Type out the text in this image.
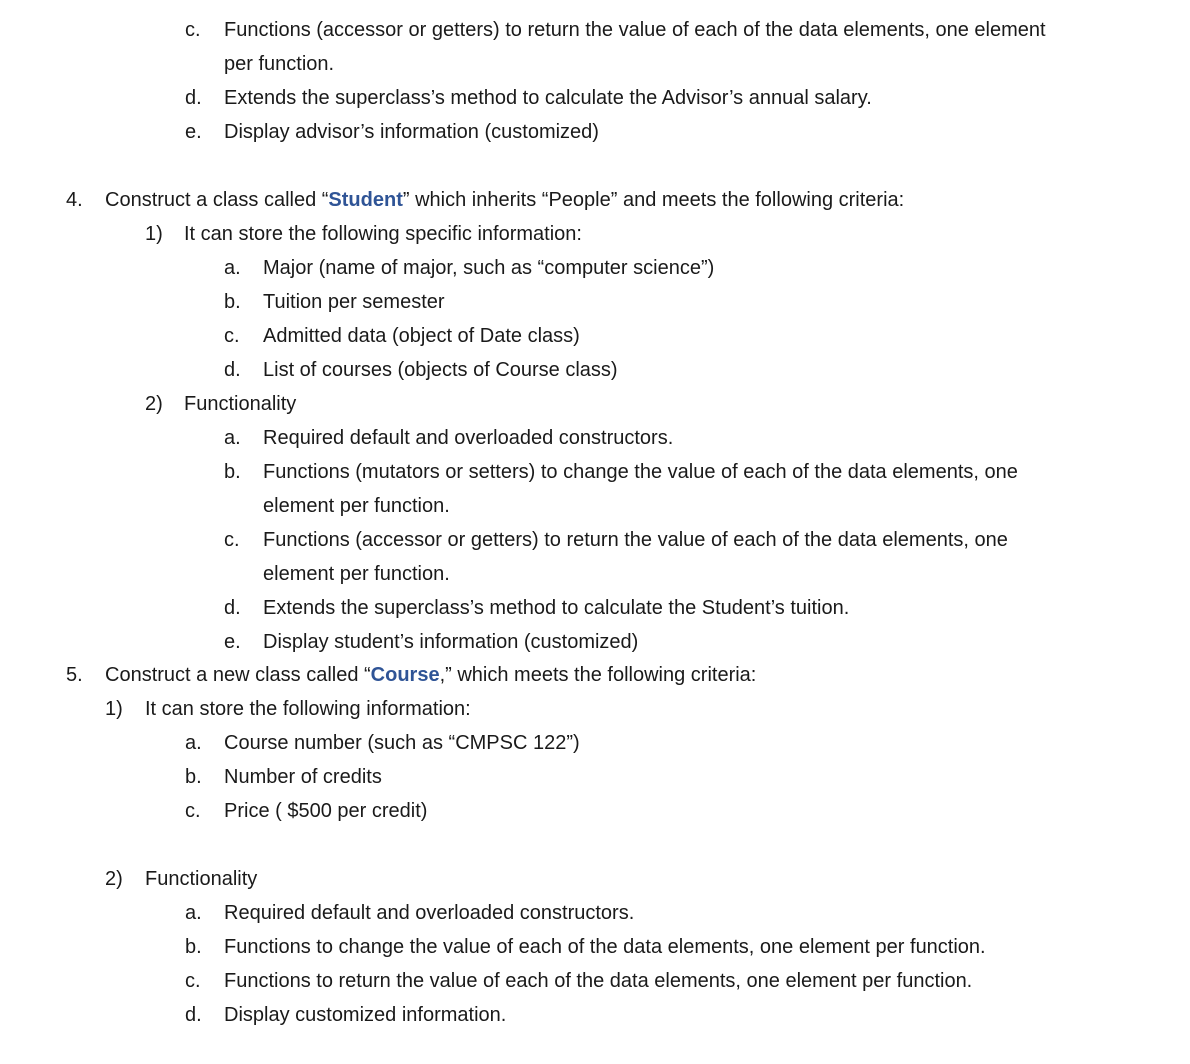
c. Functions (accessor or getters) to return the value of each of the data elements, one element
per function.
d. Extends the superclass’s method to calculate the Advisor’s annual salary.
e. Display advisor’s information (customized)
4. Construct a class called “Student” which inherits “People” and meets the following criteria:
1) It can store the following specific information:
a. Major (name of major, such as “computer science”)
b. Tuition per semester
c. Admitted data (object of Date class)
d. List of courses (objects of Course class)
2) Functionality
a. Required default and overloaded constructors.
b. Functions (mutators or setters) to change the value of each of the data elements, one
element per function.
c. Functions (accessor or getters) to return the value of each of the data elements, one
element per function.
d. Extends the superclass’s method to calculate the Student’s tuition.
e. Display student’s information (customized)
5. Construct a new class called “Course,” which meets the following criteria:
1) It can store the following information:
a. Course number (such as “CMPSC 122”)
b. Number of credits
c. Price ( $500 per credit)
2) Functionality
a. Required default and overloaded constructors.
b. Functions to change the value of each of the data elements, one element per function.
c. Functions to return the value of each of the data elements, one element per function.
d. Display customized information.
